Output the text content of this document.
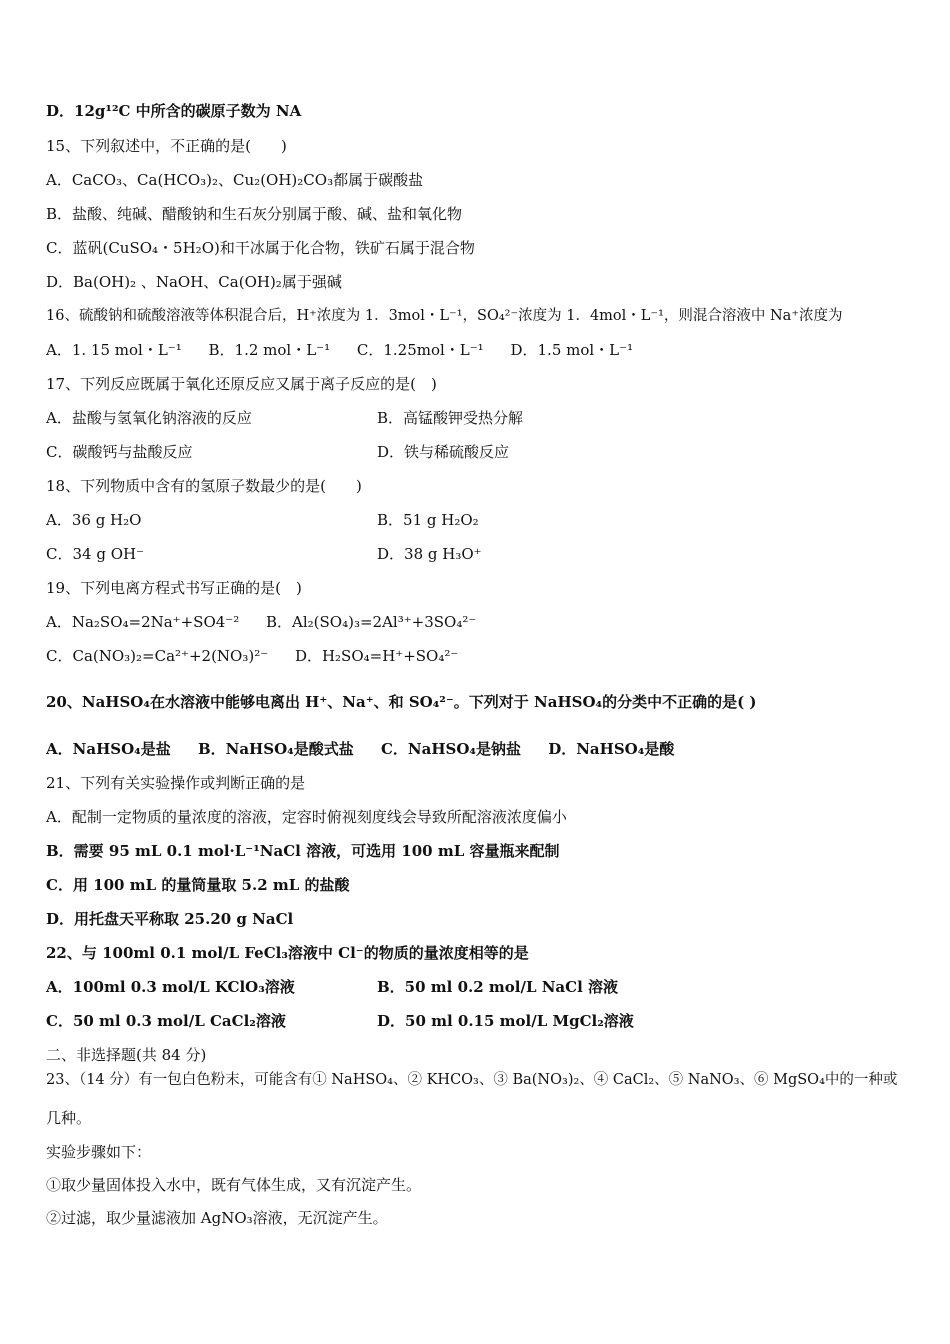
D．12g¹²C 中所含的碳原子数为 NA
15、下列叙述中，不正确的是(　　)
A．CaCO₃、Ca(HCO₃)₂、Cu₂(OH)₂CO₃都属于碳酸盐
B．盐酸、纯碱、醋酸钠和生石灰分别属于酸、碱、盐和氧化物
C．蓝矾(CuSO₄・5H₂O)和干冰属于化合物，铁矿石属于混合物
D．Ba(OH)₂ 、NaOH、Ca(OH)₂属于强碱
16、硫酸钠和硫酸溶液等体积混合后，H⁺浓度为 1．3mol・L⁻¹，SO₄²⁻浓度为 1．4mol・L⁻¹，则混合溶液中 Na⁺浓度为
A．1. 15 mol・L⁻¹ B．1.2 mol・L⁻¹ C．1.25mol・L⁻¹ D．1.5 mol・L⁻¹
17、下列反应既属于氧化还原反应又属于离子反应的是(　)
A．盐酸与氢氧化钠溶液的反应	B．高锰酸钾受热分解
C．碳酸钙与盐酸反应	D．铁与稀硫酸反应
18、下列物质中含有的氢原子数最少的是(　　)
A．36 g H₂O	B．51 g H₂O₂
C．34 g OH⁻	D．38 g H₃O⁺
19、下列电离方程式书写正确的是(　)
A．Na₂SO₄=2Na⁺+SO4⁻² B．Al₂(SO₄)₃=2Al³⁺+3SO₄²⁻
C．Ca(NO₃)₂=Ca²⁺+2(NO₃)²⁻ D．H₂SO₄=H⁺+SO₄²⁻
20、NaHSO₄在水溶液中能够电离出 H⁺、Na⁺、和 SO₄²⁻。下列对于 NaHSO₄的分类中不正确的是( )
A．NaHSO₄是盐 B．NaHSO₄是酸式盐 C．NaHSO₄是钠盐 D．NaHSO₄是酸
21、下列有关实验操作或判断正确的是
A．配制一定物质的量浓度的溶液，定容时俯视刻度线会导致所配溶液浓度偏小
B．需要 95 mL 0.1 mol·L⁻¹NaCl 溶液，可选用 100 mL 容量瓶来配制
C．用 100 mL 的量筒量取 5.2 mL 的盐酸
D．用托盘天平称取 25.20 g NaCl
22、与 100ml 0.1 mol/L FeCl₃溶液中 Cl⁻的物质的量浓度相等的是
A．100ml 0.3 mol/L KClO₃溶液	B．50 ml 0.2 mol/L NaCl 溶液
C．50 ml 0.3 mol/L CaCl₂溶液	D．50 ml 0.15 mol/L MgCl₂溶液
二、非选择题(共 84 分)
23、（14 分）有一包白色粉末，可能含有① NaHSO₄、② KHCO₃、③ Ba(NO₃)₂、④ CaCl₂、⑤ NaNO₃、⑥ MgSO₄中的一种或
几种。
实验步骤如下：
①取少量固体投入水中，既有气体生成，又有沉淀产生。
②过滤，取少量滤液加 AgNO₃溶液，无沉淀产生。
